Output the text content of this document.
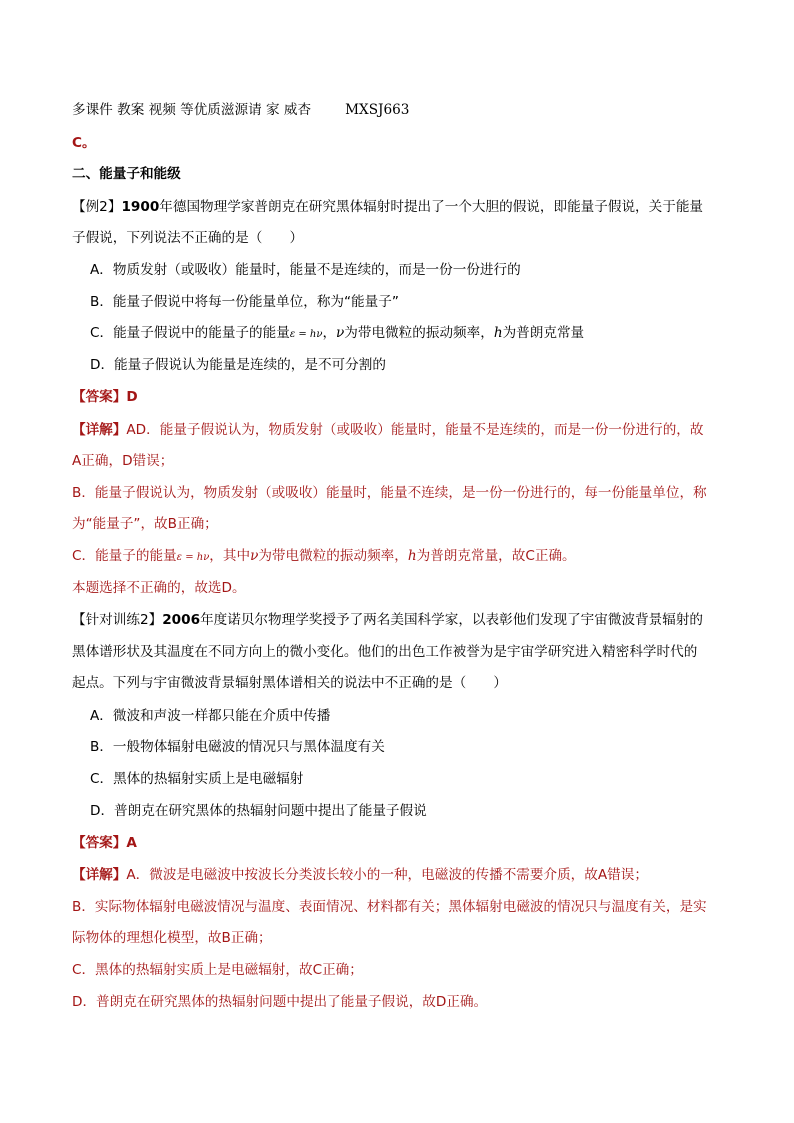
多课件 教案 视频 等优质滋源请 家 威杏	MXSJ663
C。
二、能量子和能级
【例2】1900年德国物理学家普朗克在研究黑体辐射时提出了一个大胆的假说，即能量子假说，关于能量
子假说，下列说法不正确的是（　　）
A．物质发射（或吸收）能量时，能量不是连续的，而是一份一份进行的
B．能量子假说中将每一份能量单位，称为“能量子”
C．能量子假说中的能量子的能量ε = hν，ν为带电微粒的振动频率，h为普朗克常量
D．能量子假说认为能量是连续的，是不可分割的
【答案】D
【详解】AD．能量子假说认为，物质发射（或吸收）能量时，能量不是连续的，而是一份一份进行的，故
A正确，D错误；
B．能量子假说认为，物质发射（或吸收）能量时，能量不连续，是一份一份进行的，每一份能量单位，称
为“能量子”，故B正确；
C．能量子的能量ε = hν，其中ν为带电微粒的振动频率，h为普朗克常量，故C正确。
本题选择不正确的，故选D。
【针对训练2】2006年度诺贝尔物理学奖授予了两名美国科学家，以表彰他们发现了宇宙微波背景辐射的
黑体谱形状及其温度在不同方向上的微小变化。他们的出色工作被誉为是宇宙学研究进入精密科学时代的
起点。下列与宇宙微波背景辐射黑体谱相关的说法中不正确的是（　　）
A．微波和声波一样都只能在介质中传播
B．一般物体辐射电磁波的情况只与黑体温度有关
C．黑体的热辐射实质上是电磁辐射
D．普朗克在研究黑体的热辐射问题中提出了能量子假说
【答案】A
【详解】A．微波是电磁波中按波长分类波长较小的一种，电磁波的传播不需要介质，故A错误；
B．实际物体辐射电磁波情况与温度、表面情况、材料都有关；黑体辐射电磁波的情况只与温度有关，是实
际物体的理想化模型，故B正确；
C．黑体的热辐射实质上是电磁辐射，故C正确；
D．普朗克在研究黑体的热辐射问题中提出了能量子假说，故D正确。
